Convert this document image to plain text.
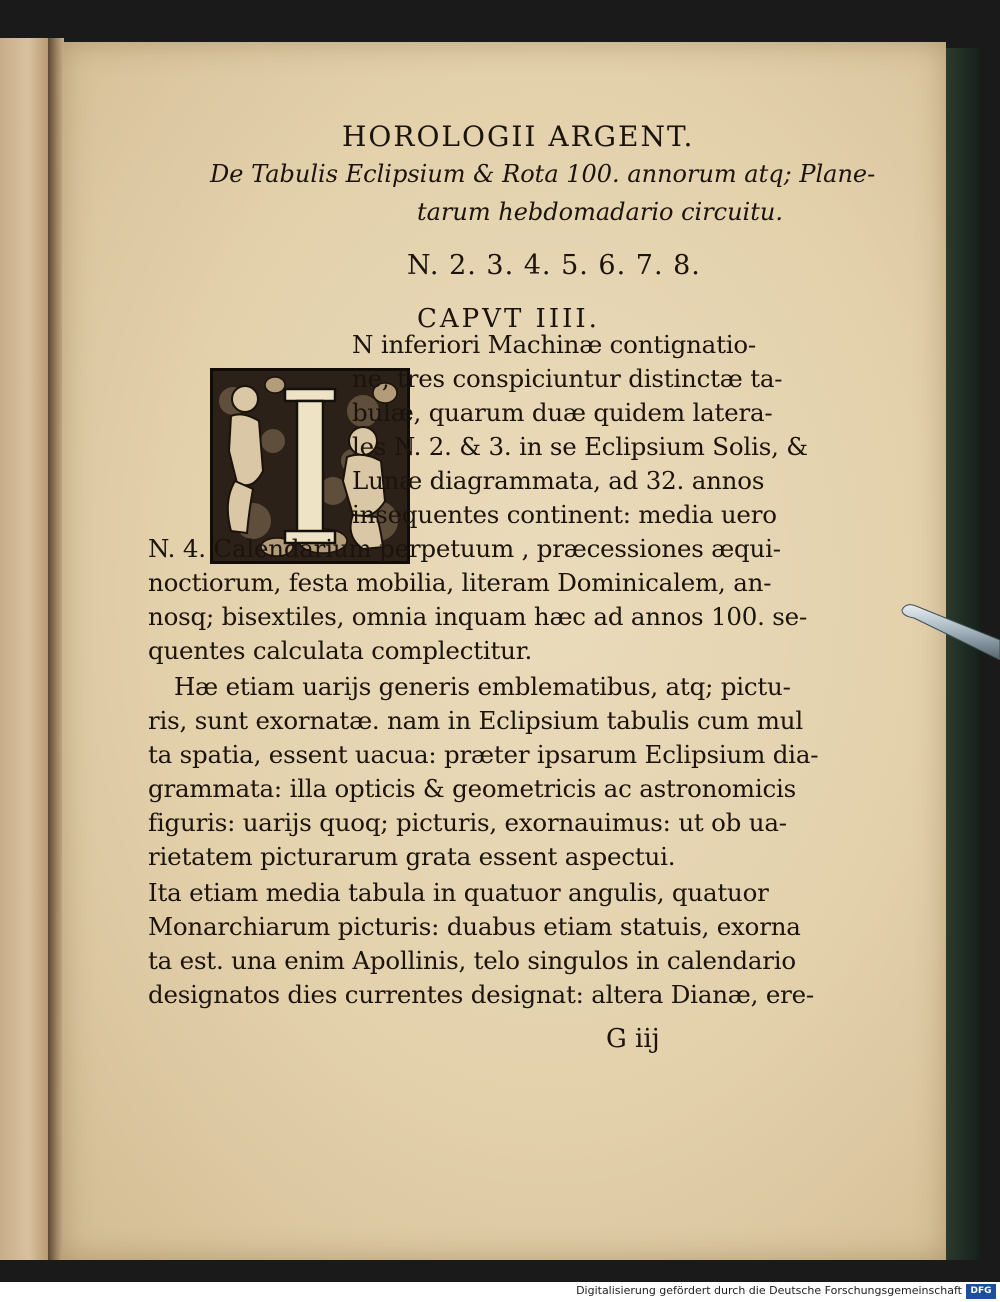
HOROLOGII ARGENT.
De Tabulis Eclipsium & Rota 100. annorum atq; Plane-
tarum hebdomadario circuitu.
N. 2. 3. 4. 5. 6. 7. 8.
CAPVT IIII.
N inferiori Machinæ contignatio-
ne, tres conspiciuntur distinctæ ta-
bulæ, quarum duæ quidem latera-
les N. 2. & 3. in se Eclipsium Solis, &
Lunæ diagrammata, ad 32. annos
insequentes continent: media uero
N. 4. Calendarium perpetuum , præcessiones æqui-
noctiorum, festa mobilia, literam Dominicalem, an-
nosq; bisextiles, omnia inquam hæc ad annos 100. se-
quentes calculata complectitur.
Hæ etiam uarijs generis emblematibus, atq; pictu-
ris, sunt exornatæ. nam in Eclipsium tabulis cum mul
ta spatia, essent uacua: præter ipsarum Eclipsium dia-
grammata: illa opticis & geometricis ac astronomicis
figuris: uarijs quoq; picturis, exornauimus: ut ob ua-
rietatem picturarum grata essent aspectui.
Ita etiam media tabula in quatuor angulis, quatuor
Monarchiarum picturis: duabus etiam statuis, exorna
ta est. una enim Apollinis, telo singulos in calendario
designatos dies currentes designat: altera Dianæ, ere-
G iij
Digitalisierung gefördert durch die Deutsche Forschungsgemeinschaft DFG
